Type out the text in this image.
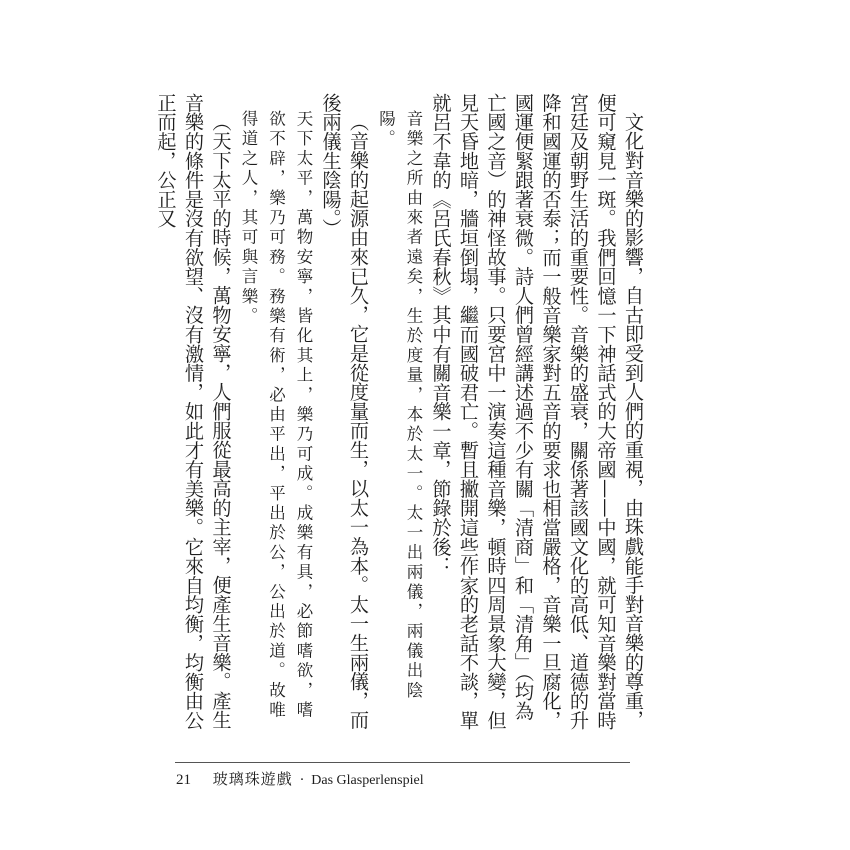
文化對音樂的影響，自古即受到人們的重視，由珠戲能手對音樂的尊重，便可窺見一斑。我們回憶一下神話式的大帝國——中國，就可知音樂對當時宮廷及朝野生活的重要性。音樂的盛衰，關係著該國文化的高低、道德的升降和國運的否泰；而一般音樂家對五音的要求也相當嚴格，音樂一旦腐化，國運便緊跟著衰微。詩人們曾經講述過不少有關「清商」和「清角」（均為亡國之音）的神怪故事。只要宮中一演奏這種音樂，頓時四周景象大變，但見天昏地暗，牆垣倒塌，繼而國破君亡。暫且撇開這些作家的老話不談，單就呂不韋的《呂氏春秋》其中有關音樂一章，節錄於後：

音樂之所由來者遠矣，生於度量，本於太一。太一出兩儀，兩儀出陰陽。

（音樂的起源由來已久，它是從度量而生，以太一為本。太一生兩儀，而後兩儀生陰陽。）

天下太平，萬物安寧，皆化其上，樂乃可成。成樂有具，必節嗜欲，嗜欲不辟，樂乃可務。務樂有術，必由平出，平出於公，公出於道。故唯得道之人，其可與言樂。

（天下太平的時候，萬物安寧，人們服從最高的主宰，便產生音樂。產生音樂的條件是沒有欲望、沒有激情，如此才有美樂。它來自均衡，均衡由公正而起，公正又

21 玻璃珠遊戲 · Das Glasperlenspiel
